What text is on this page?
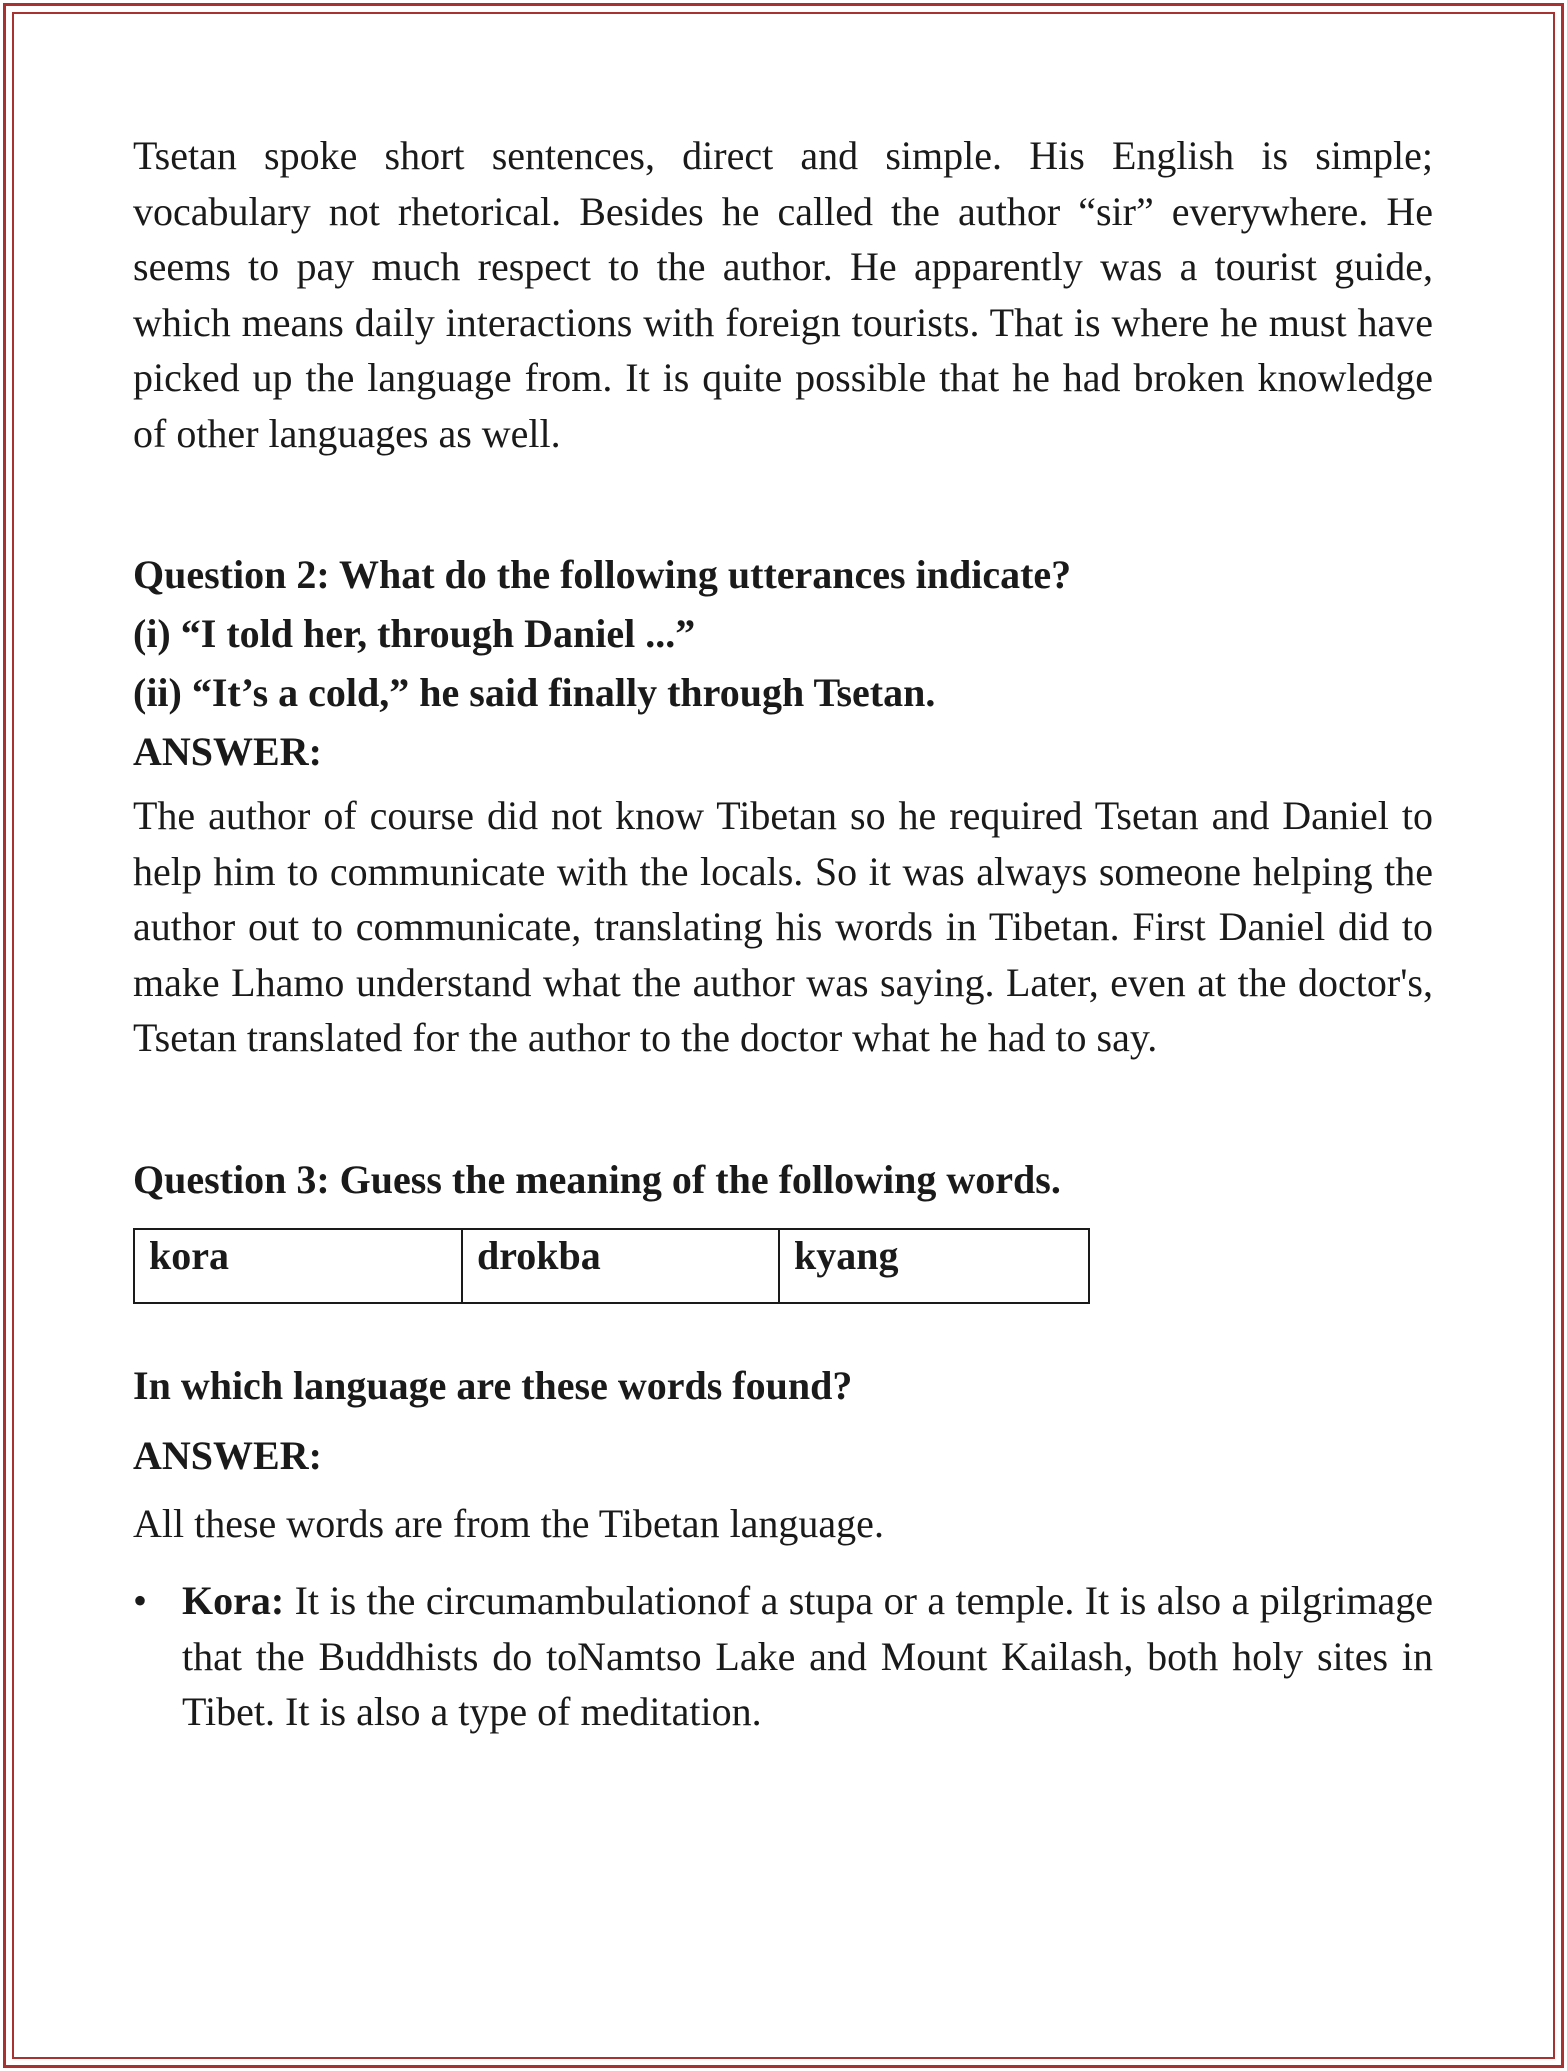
Tsetan spoke short sentences, direct and simple. His English is simple; vocabulary not rhetorical. Besides he called the author “sir” everywhere. He seems to pay much respect to the author. He apparently was a tourist guide, which means daily interactions with foreign tourists. That is where he must have picked up the language from. It is quite possible that he had broken knowledge of other languages as well.

Question 2: What do the following utterances indicate?

(i) “I told her, through Daniel ...”

(ii) “It’s a cold,” he said finally through Tsetan.

ANSWER:

The author of course did not know Tibetan so he required Tsetan and Daniel to help him to communicate with the locals. So it was always someone helping the author out to communicate, translating his words in Tibetan. First Daniel did to make Lhamo understand what the author was saying. Later, even at the doctor's, Tsetan translated for the author to the doctor what he had to say.

Question 3: Guess the meaning of the following words.

kora	drokba	kyang

In which language are these words found?

ANSWER:

All these words are from the Tibetan language.

• Kora: It is the circumambulationof a stupa or a temple. It is also a pilgrimage that the Buddhists do toNamtso Lake and Mount Kailash, both holy sites in Tibet. It is also a type of meditation.
